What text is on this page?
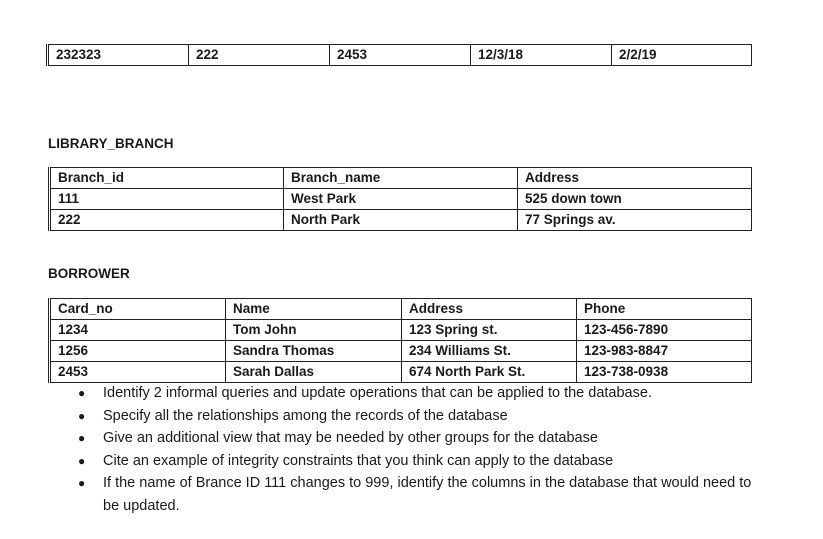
232323	222	2453	12/3/18	2/2/19
LIBRARY_BRANCH
Branch_id	Branch_name	Address
111	West Park	525 down town
222	North Park	77 Springs av.
BORROWER
Card_no	Name	Address	Phone
1234	Tom John	123 Spring st.	123-456-7890
1256	Sandra Thomas	234 Williams St.	123-983-8847
2453	Sarah Dallas	674 North Park St.	123-738-0938
● Identify 2 informal queries and update operations that can be applied to the database.
● Specify all the relationships among the records of the database
● Give an additional view that may be needed by other groups for the database
● Cite an example of integrity constraints that you think can apply to the database
● If the name of Brance ID 111 changes to 999, identify the columns in the database that would need to be updated.
